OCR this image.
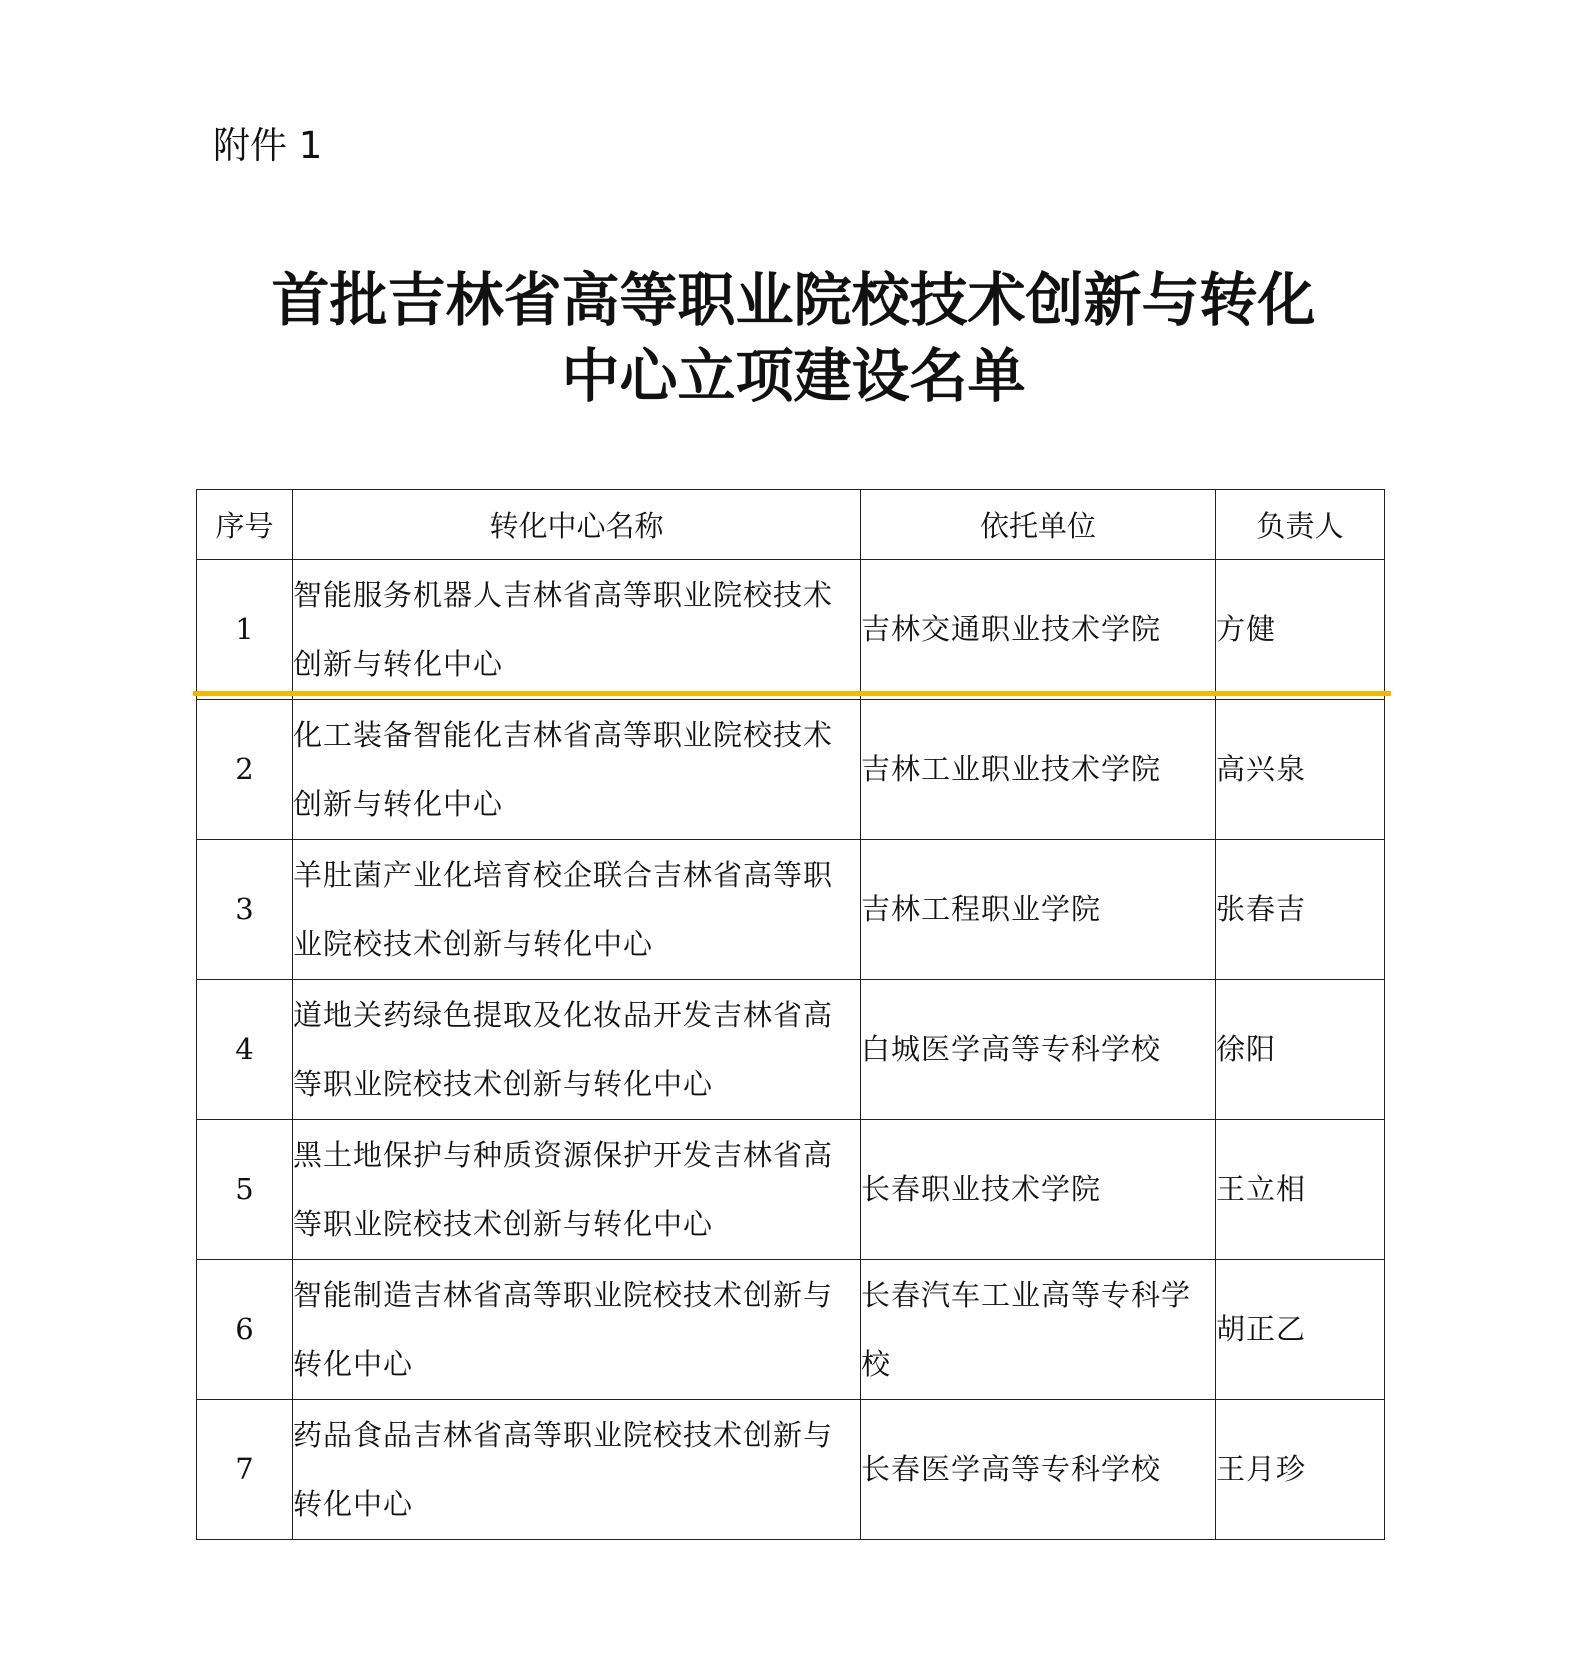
附件 1
首批吉林省高等职业院校技术创新与转化
中心立项建设名单
序号	转化中心名称	依托单位	负责人
1	智能服务机器人吉林省高等职业院校技术创新与转化中心	吉林交通职业技术学院	方健
2	化工装备智能化吉林省高等职业院校技术创新与转化中心	吉林工业职业技术学院	高兴泉
3	羊肚菌产业化培育校企联合吉林省高等职业院校技术创新与转化中心	吉林工程职业学院	张春吉
4	道地关药绿色提取及化妆品开发吉林省高等职业院校技术创新与转化中心	白城医学高等专科学校	徐阳
5	黑土地保护与种质资源保护开发吉林省高等职业院校技术创新与转化中心	长春职业技术学院	王立相
6	智能制造吉林省高等职业院校技术创新与转化中心	长春汽车工业高等专科学校	胡正乙
7	药品食品吉林省高等职业院校技术创新与转化中心	长春医学高等专科学校	王月珍
